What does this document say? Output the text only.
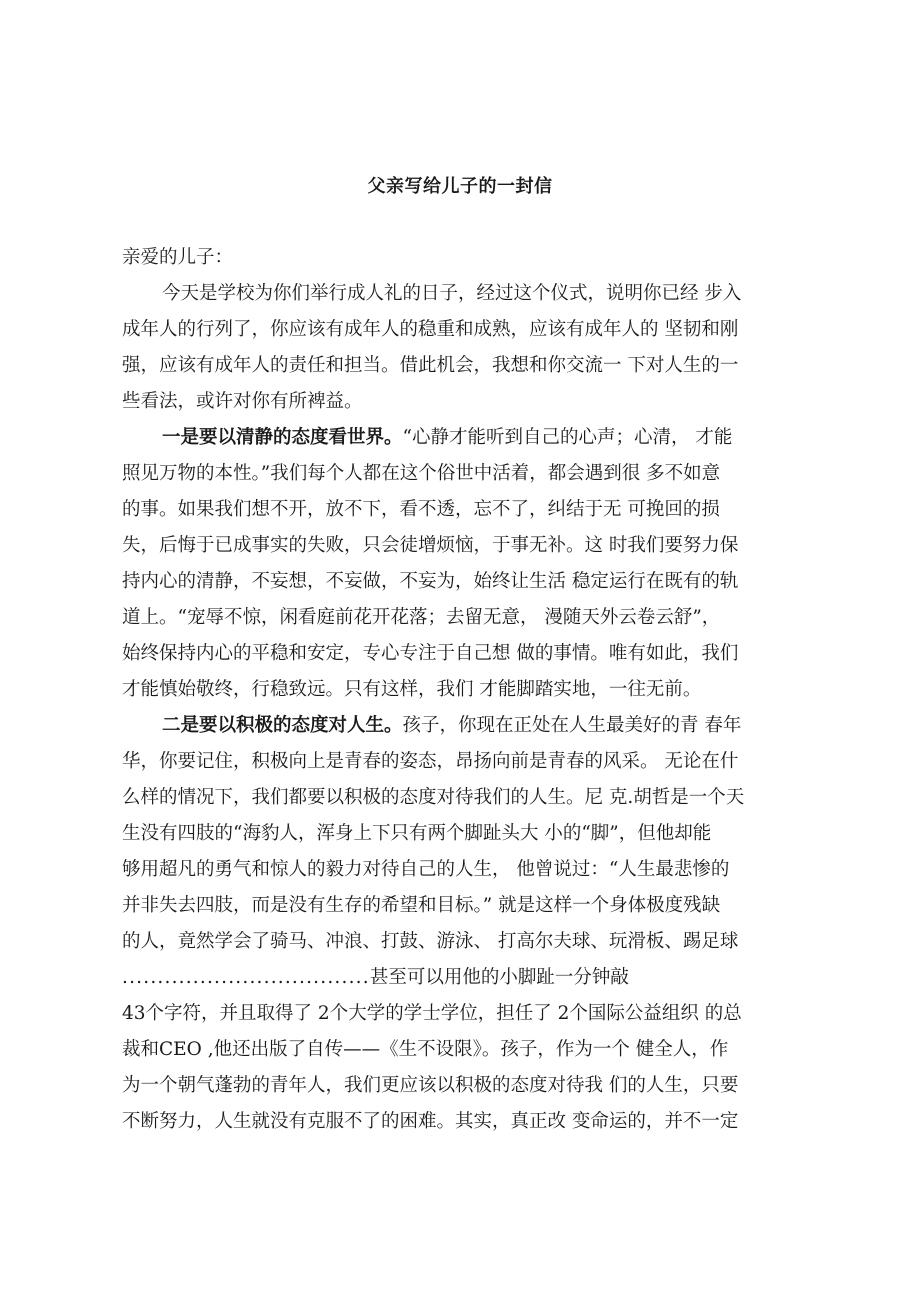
父亲写给儿子的一封信
亲爱的儿子：
今天是学校为你们举行成人礼的日子，经过这个仪式，说明你已经 步入
成年人的行列了，你应该有成年人的稳重和成熟，应该有成年人的 坚韧和刚
强，应该有成年人的责任和担当。借此机会，我想和你交流一 下对人生的一
些看法，或许对你有所裨益。
一是要以清静的态度看世界。“心静才能听到自己的心声；心清， 才能
照见万物的本性。”我们每个人都在这个俗世中活着，都会遇到很 多不如意
的事。如果我们想不开，放不下，看不透，忘不了，纠结于无 可挽回的损
失，后悔于已成事实的失败，只会徒增烦恼，于事无补。这 时我们要努力保
持内心的清静，不妄想，不妄做，不妄为，始终让生活 稳定运行在既有的轨
道上。“宠辱不惊，闲看庭前花开花落；去留无意， 漫随天外云卷云舒”，
始终保持内心的平稳和安定，专心专注于自己想 做的事情。唯有如此，我们
才能慎始敬终，行稳致远。只有这样，我们 才能脚踏实地，一往无前。
二是要以积极的态度对人生。孩子，你现在正处在人生最美好的青 春年
华，你要记住，积极向上是青春的姿态，昂扬向前是青春的风采。 无论在什
么样的情况下，我们都要以积极的态度对待我们的人生。尼 克.胡哲是一个天
生没有四肢的“海豹人，浑身上下只有两个脚趾头大 小的“脚”，但他却能
够用超凡的勇气和惊人的毅力对待自己的人生， 他曾说过：“人生最悲惨的
并非失去四肢，而是没有生存的希望和目标。” 就是这样一个身体极度残缺
的人，竟然学会了骑马、冲浪、打鼓、游泳、 打高尔夫球、玩滑板、踢足球
...................................甚至可以用他的小脚趾一分钟敲
43个字符，并且取得了 2个大学的学士学位，担任了 2个国际公益组织 的总
裁和CEO ,他还出版了自传——《生不设限》。孩子，作为一个 健全人，作
为一个朝气蓬勃的青年人，我们更应该以积极的态度对待我 们的人生，只要
不断努力，人生就没有克服不了的困难。其实，真正改 变命运的，并不一定
